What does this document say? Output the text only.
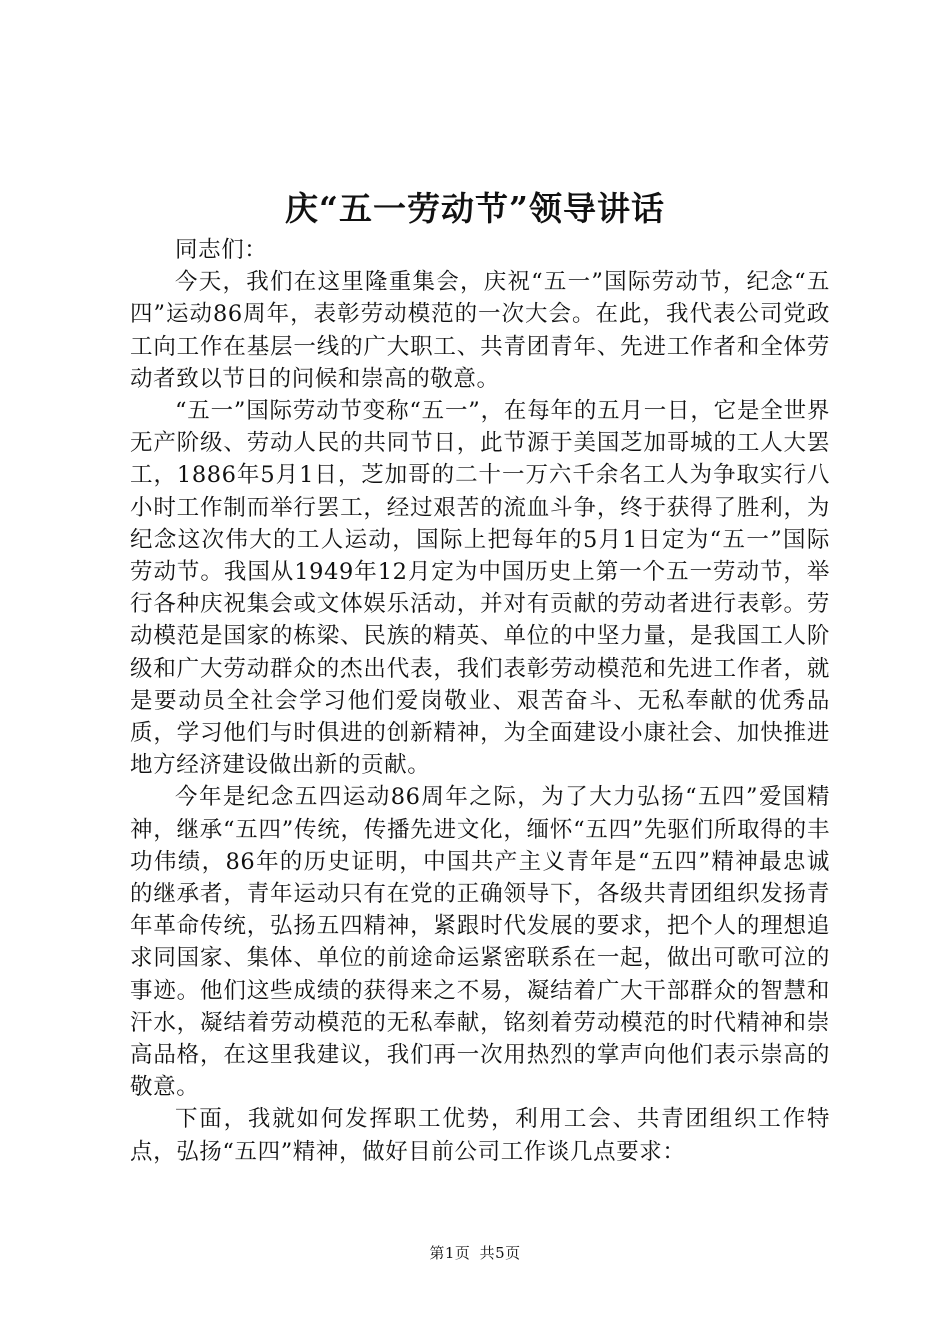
庆“五一劳动节”领导讲话

同志们：

今天，我们在这里隆重集会，庆祝“五一”国际劳动节，纪念“五四”运动86周年，表彰劳动模范的一次大会。在此，我代表公司党政工向工作在基层一线的广大职工、共青团青年、先进工作者和全体劳动者致以节日的问候和崇高的敬意。

“五一”国际劳动节变称“五一”，在每年的五月一日，它是全世界无产阶级、劳动人民的共同节日，此节源于美国芝加哥城的工人大罢工，1886年5月1日，芝加哥的二十一万六千余名工人为争取实行八小时工作制而举行罢工，经过艰苦的流血斗争，终于获得了胜利，为纪念这次伟大的工人运动，国际上把每年的5月1日定为“五一”国际劳动节。我国从1949年12月定为中国历史上第一个五一劳动节，举行各种庆祝集会或文体娱乐活动，并对有贡献的劳动者进行表彰。劳动模范是国家的栋梁、民族的精英、单位的中坚力量，是我国工人阶级和广大劳动群众的杰出代表，我们表彰劳动模范和先进工作者，就是要动员全社会学习他们爱岗敬业、艰苦奋斗、无私奉献的优秀品质，学习他们与时俱进的创新精神，为全面建设小康社会、加快推进地方经济建设做出新的贡献。

今年是纪念五四运动86周年之际，为了大力弘扬“五四”爱国精神，继承“五四”传统，传播先进文化，缅怀“五四”先驱们所取得的丰功伟绩，86年的历史证明，中国共产主义青年是“五四”精神最忠诚的继承者，青年运动只有在党的正确领导下，各级共青团组织发扬青年革命传统，弘扬五四精神，紧跟时代发展的要求，把个人的理想追求同国家、集体、单位的前途命运紧密联系在一起，做出可歌可泣的事迹。他们这些成绩的获得来之不易，凝结着广大干部群众的智慧和汗水，凝结着劳动模范的无私奉献，铭刻着劳动模范的时代精神和崇高品格，在这里我建议，我们再一次用热烈的掌声向他们表示崇高的敬意。

下面，我就如何发挥职工优势，利用工会、共青团组织工作特点，弘扬“五四”精神，做好目前公司工作谈几点要求：

第1页 共5页
